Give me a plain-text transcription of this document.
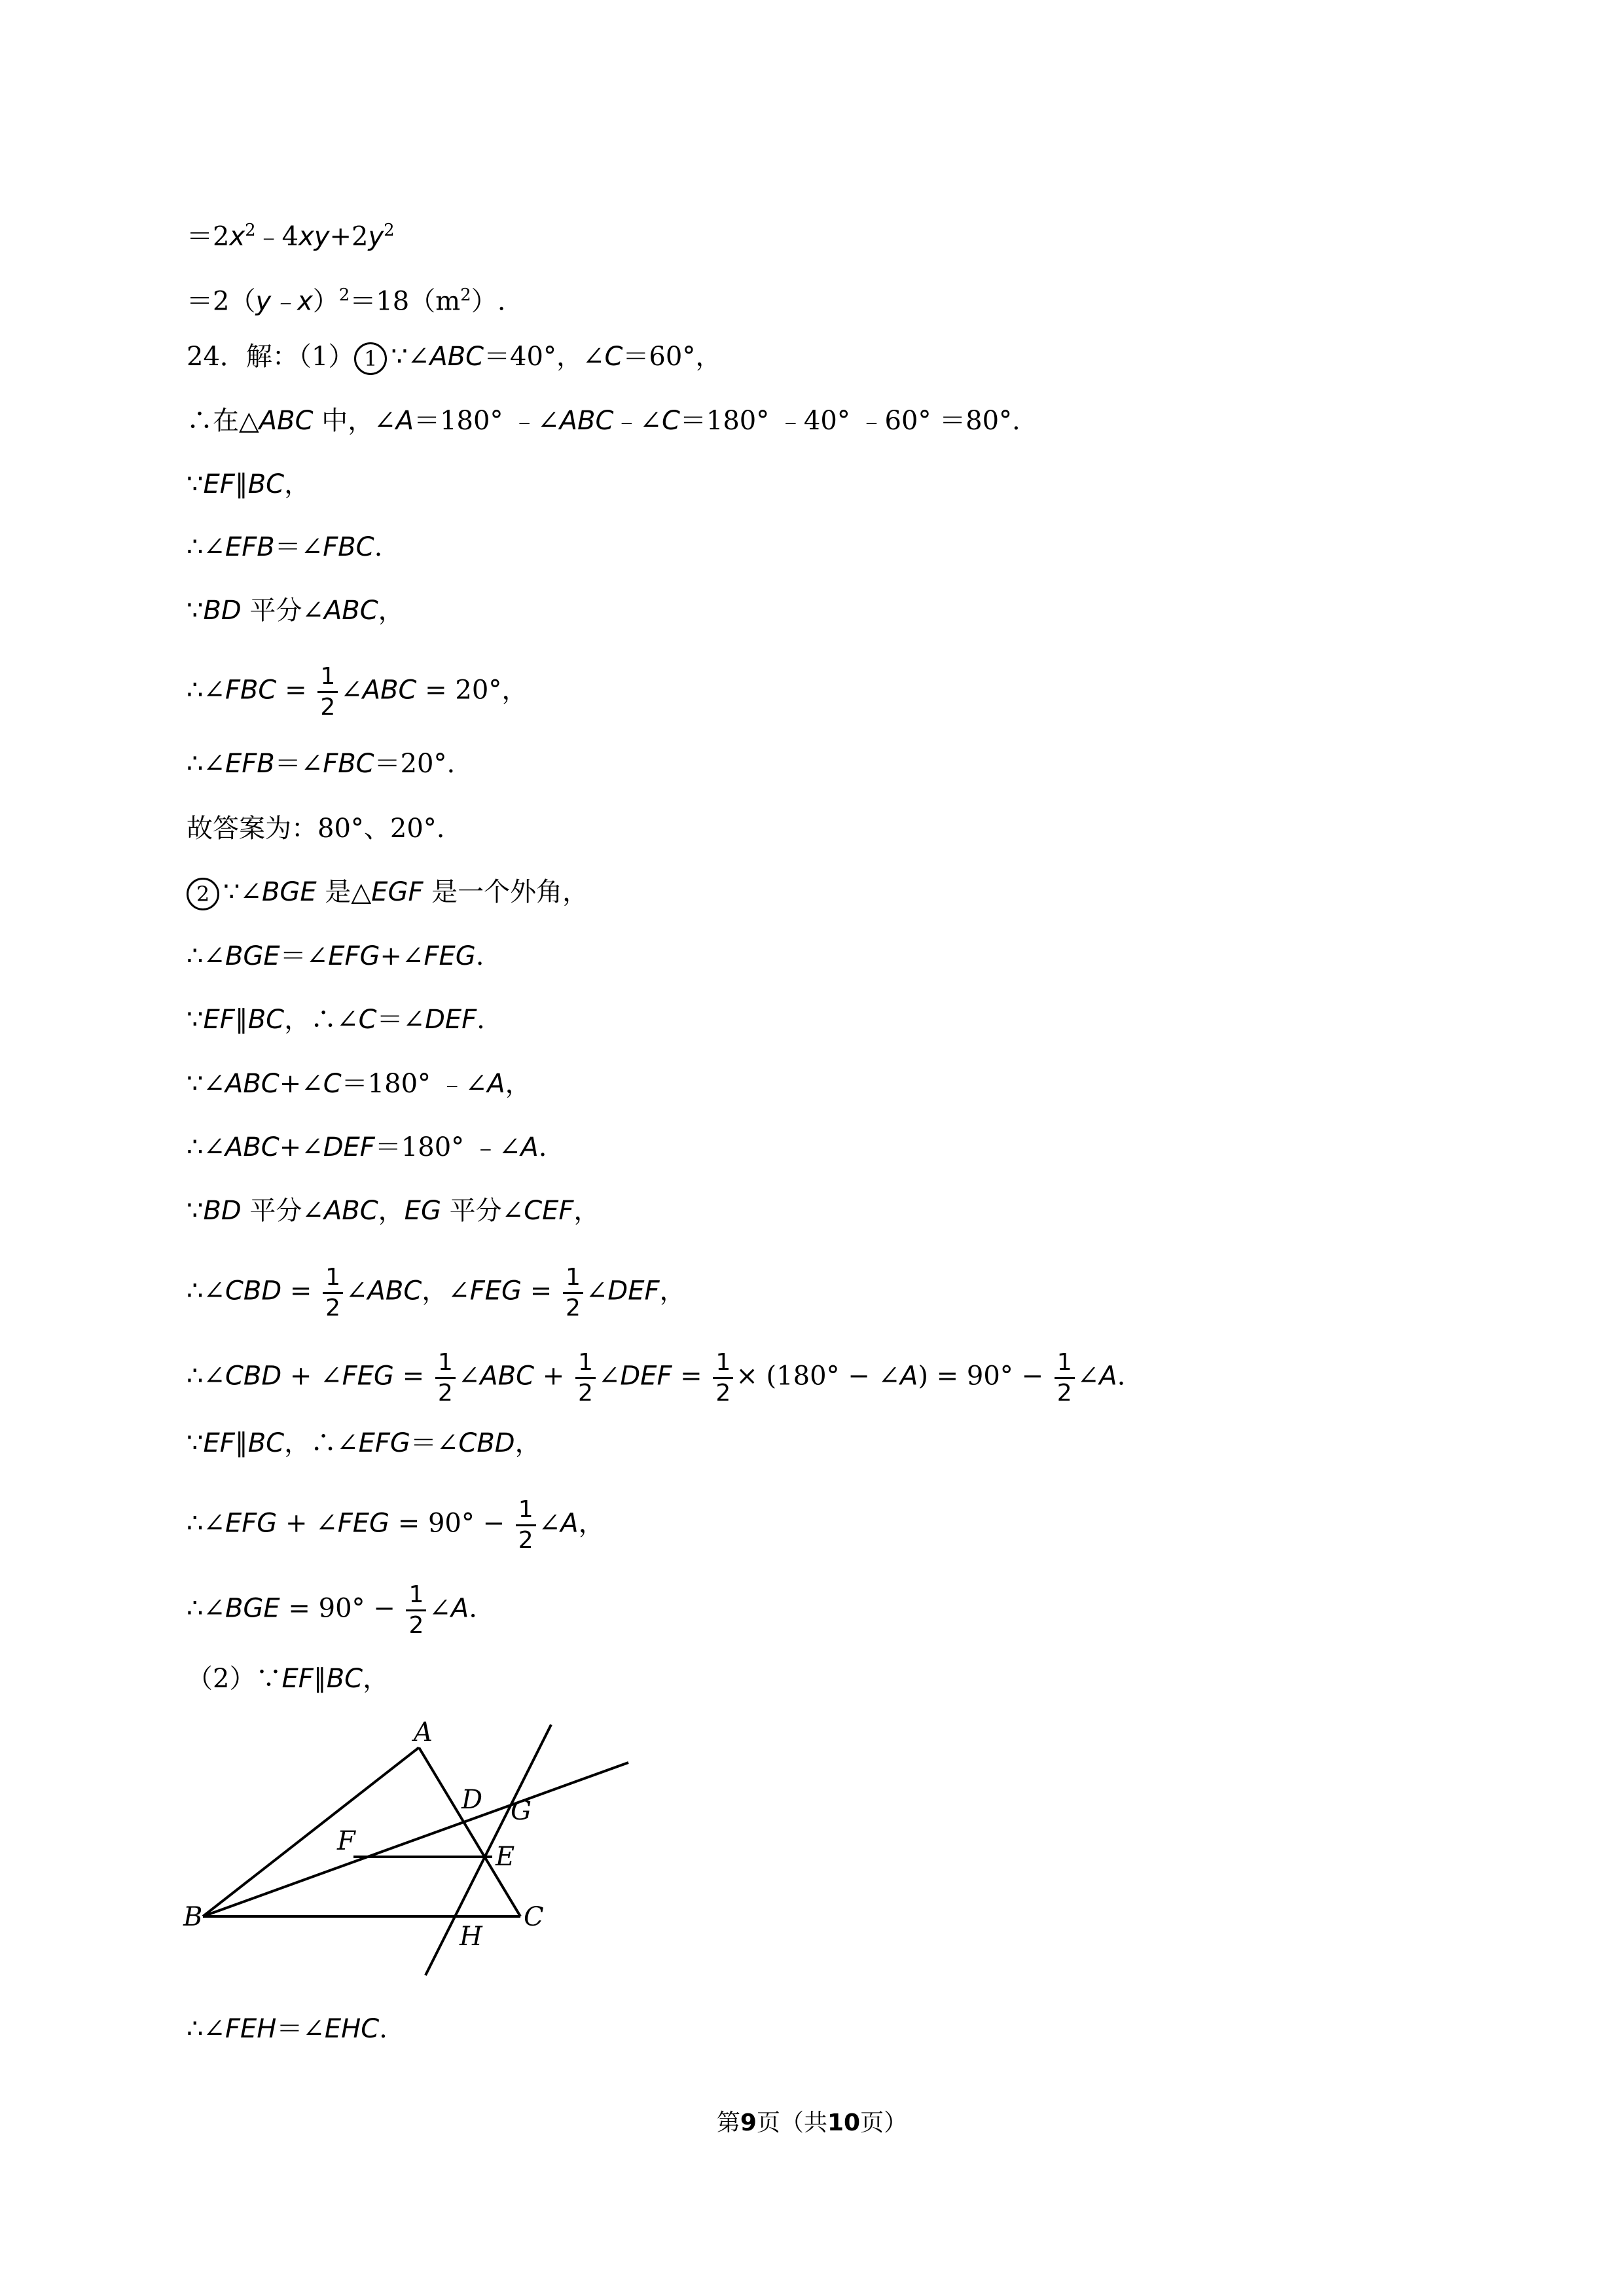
$=2x^2﹣4xy+2y^2$
$=2(y﹣x)^2=18(m^2)$.
24．解：（1） 1 ∵∠ABC＝40°，∠C＝60°，
∴在△ABC 中，∠A＝180° ﹣∠ABC﹣∠C＝180° ﹣40° ﹣60° ＝80°.
∵EF∥BC，
∴∠EFB＝∠FBC.
∵BD 平分∠ABC，
∴∠FBC = $\frac{1}{2}$ ∠ABC = 20°，
∴∠EFB＝∠FBC＝20°.
故答案为：80°、20°.
2 ∵∠BGE 是△EGF 是一个外角，
∴∠BGE＝∠EFG+∠FEG.
∵EF∥BC，∴∠C＝∠DEF.
∵∠ABC+∠C＝180° ﹣∠A，
∴∠ABC+∠DEF＝180° ﹣∠A.
∵BD 平分∠ABC，EG 平分∠CEF，
∴∠CBD = $\frac{1}{2}$ ∠ABC，∠FEG = $\frac{1}{2}$ ∠DEF，
∴∠CBD + ∠FEG = $\frac{1}{2}$ ∠ABC + $\frac{1}{2}$ ∠DEF = $\frac{1}{2} \times (180^\circ$ − ∠A) = $90^\circ - \frac{1}{2}$ ∠A.
∵EF∥BC，∴∠EFG＝∠CBD，
∴∠EFG + ∠FEG = $90^\circ - \frac{1}{2}$ ∠A，
∴∠BGE = $90^\circ - \frac{1}{2}$ ∠A.
（2）∵EF∥BC，
A
B	C
D
E
F
G
H
∴∠FEH＝∠EHC.
第9页（共10页）
